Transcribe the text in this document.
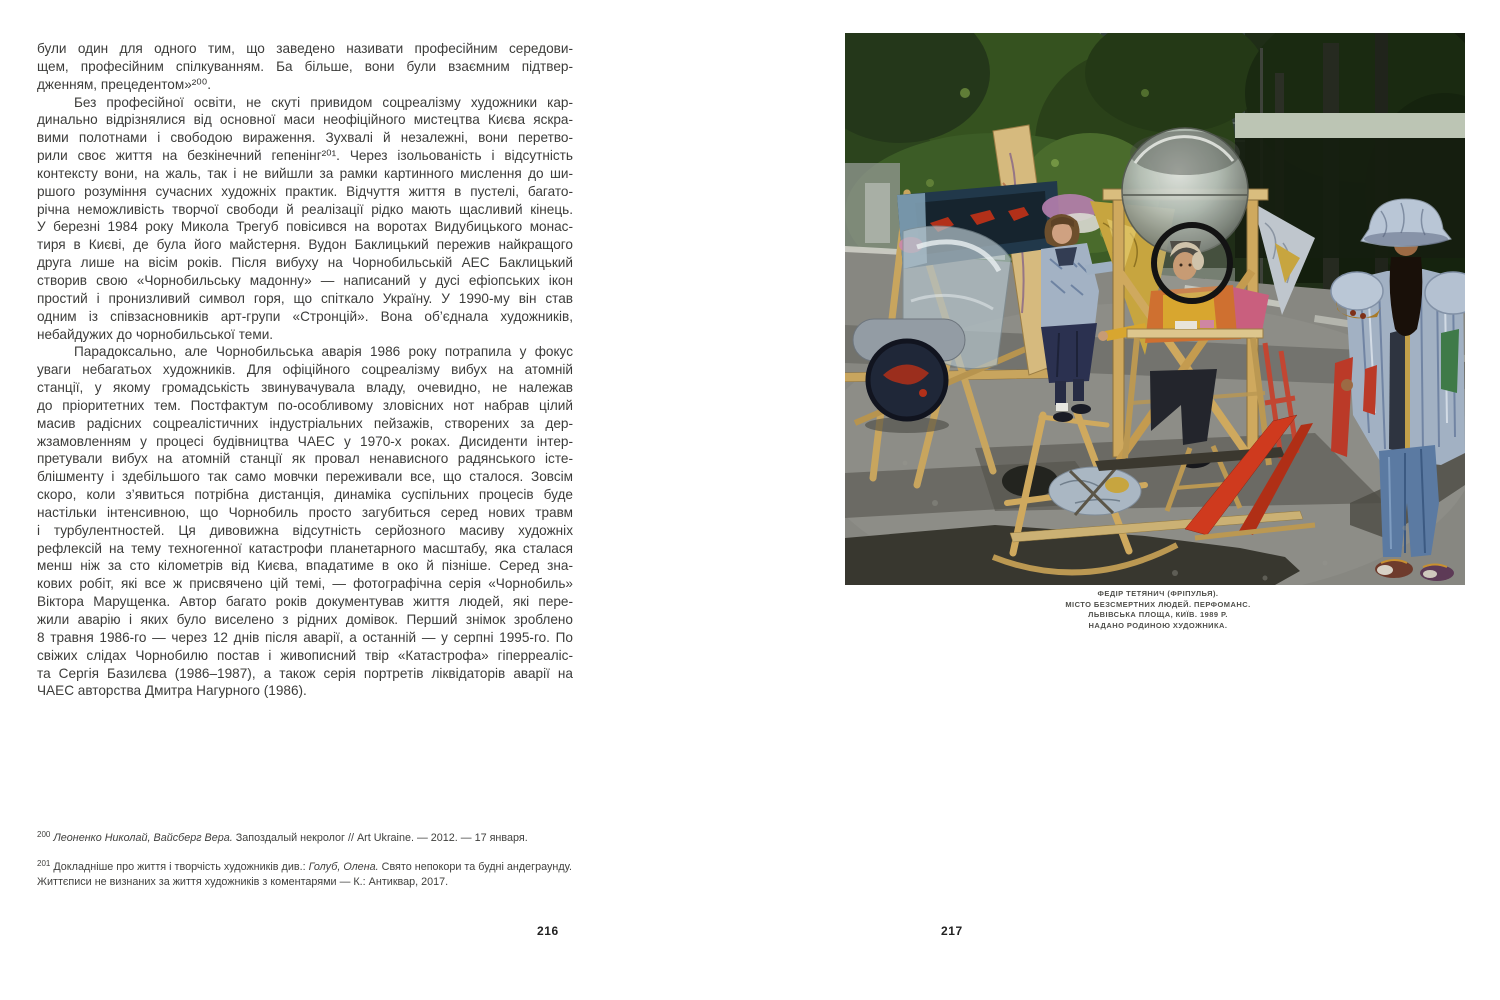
були один для одного тим, що заведено називати професійним середови-
щем, професійним спілкуванням. Ба більше, вони були взаємним підтвер-
дженням, прецедентом»²⁰⁰.
Без професійної освіти, не скуті привидом соцреалізму художники кар-
динально відрізнялися від основної маси неофіційного мистецтва Києва яскра-
вими полотнами і свободою вираження. Зухвалі й незалежні, вони перетво-
рили своє життя на безкінечний гепенінг²⁰¹. Через ізольованість і відсутність
контексту вони, на жаль, так і не вийшли за рамки картинного мислення до ши-
ршого розуміння сучасних художніх практик. Відчуття життя в пустелі, багато-
річна неможливість творчої свободи й реалізації рідко мають щасливий кінець.
У березні 1984 року Микола Трегуб повісився на воротах Видубицького монас-
тиря в Києві, де була його майстерня. Вудон Баклицький пережив найкращого
друга лише на вісім років. Після вибуху на Чорнобильській АЕС Баклицький
створив свою «Чорнобильську мадонну» — написаний у дусі ефіопських ікон
простий і пронизливий символ горя, що спіткало Україну. У 1990-му він став
одним із співзасновників арт-групи «Стронцій». Вона об’єднала художників,
небайдужих до чорнобильської теми.
Парадоксально, але Чорнобильська аварія 1986 року потрапила у фокус
уваги небагатьох художників. Для офіційного соцреалізму вибух на атомній
станції, у якому громадськість звинувачувала владу, очевидно, не належав
до пріоритетних тем. Постфактум по-особливому зловісних нот набрав цілий
масив радісних соцреалістичних індустріальних пейзажів, створених за дер-
жзамовленням у процесі будівництва ЧАЕС у 1970-х роках. Дисиденти інтер-
претували вибух на атомній станції як провал ненависного радянського істе-
блішменту і здебільшого так само мовчки переживали все, що сталося. Зовсім
скоро, коли з’явиться потрібна дистанція, динаміка суспільних процесів буде
настільки інтенсивною, що Чорнобиль просто загубиться серед нових травм
і турбулентностей. Ця дивовижна відсутність серйозного масиву художніх
рефлексій на тему техногенної катастрофи планетарного масштабу, яка сталася
менш ніж за сто кілометрів від Києва, впадатиме в око й пізніше. Серед зна-
кових робіт, які все ж присвячено цій темі, — фотографічна серія «Чорнобиль»
Віктора Марущенка. Автор багато років документував життя людей, які пере-
жили аварію і яких було виселено з рідних домівок. Перший знімок зроблено
8 травня 1986-го — через 12 днів після аварії, а останній — у серпні 1995-го. По
свіжих слідах Чорнобилю постав і живописний твір «Катастрофа» гіперреаліс-
та Сергія Базилєва (1986–1987), а також серія портретів ліквідаторів аварії на
ЧАЕС авторства Дмитра Нагурного (1986).

$^{200}$ Леоненко Николай, Вайсберг Вера. Запоздалый некролог // Art Ukraine. — 2012. — 17 января.

$^{201}$ Докладніше про життя і творчість художників див.: Голуб, Олена. Свято непокори та будні андеграунду. Життєписи не визнаних за життя художників з коментарями — К.: Антиквар, 2017.

216
ФЕДІР ТЕТЯНИЧ (ФРІПУЛЬЯ).
МІСТО БЕЗСМЕРТНИХ ЛЮДЕЙ. ПЕРФОМАНС.
ЛЬВІВСЬКА ПЛОЩА, КИЇВ. 1989 Р.
НАДАНО РОДИНОЮ ХУДОЖНИКА.
217
